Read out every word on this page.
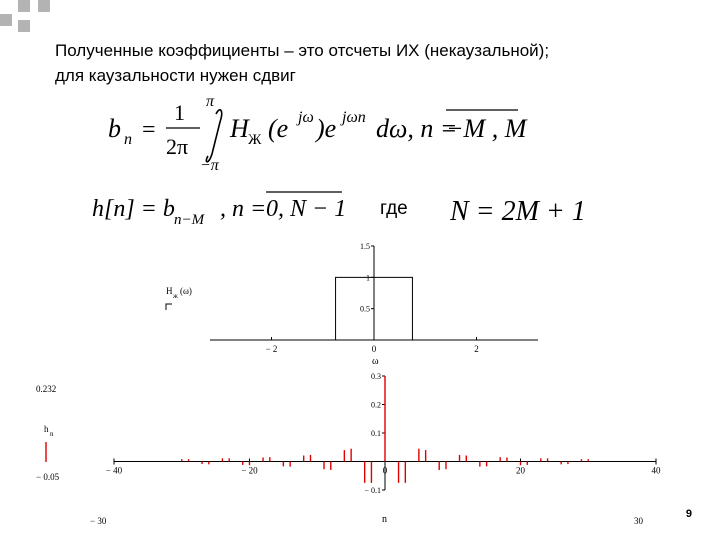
Полученные коэффициенты – это отсчеты ИХ (некаузальной);
для каузальности нужен сдвиг
b n =
1
2π
π
−π
H Ж (e jω )e jωn dω, n =
−M , M
h[n] = b n−M , n = 0, N − 1 где N = 2M + 1
− 2	0	2
0.5
1
1.5
H ж (ω)
ω
− 40	− 20	0	20	40
− 0.1
0.1
0.2
0.3
0.232
− 0.05
− 30	30
h n
n	9
